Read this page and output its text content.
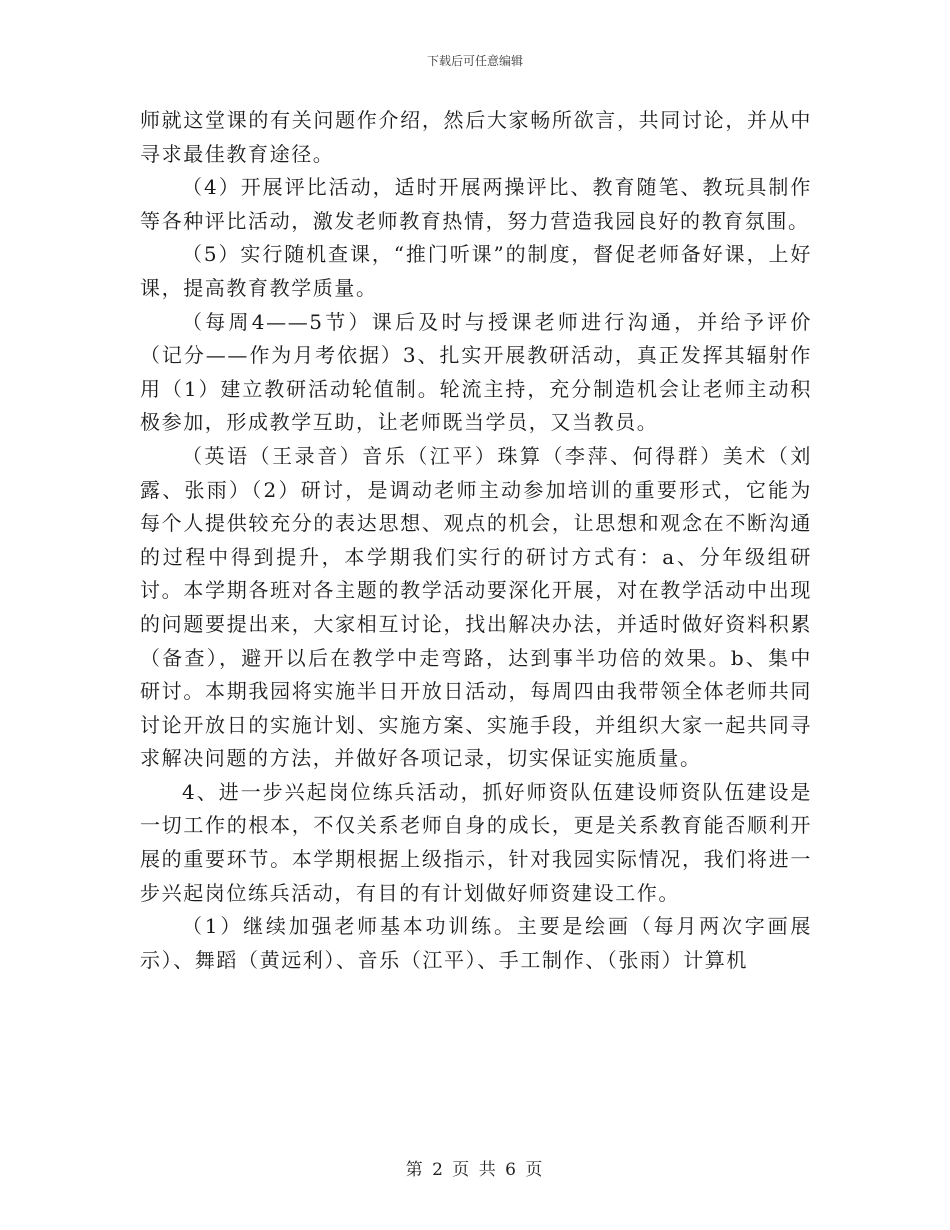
下载后可任意编辑

师就这堂课的有关问题作介绍，然后大家畅所欲言，共同讨论，并从中寻求最佳教育途径。

（4）开展评比活动，适时开展两操评比、教育随笔、教玩具制作等各种评比活动，激发老师教育热情，努力营造我园良好的教育氛围。

（5）实行随机查课，“推门听课”的制度，督促老师备好课，上好课，提高教育教学质量。

（每周4——5节）课后及时与授课老师进行沟通，并给予评价（记分——作为月考依据）3、扎实开展教研活动，真正发挥其辐射作用（1）建立教研活动轮值制。轮流主持，充分制造机会让老师主动积极参加，形成教学互助，让老师既当学员，又当教员。

（英语（王录音）音乐（江平）珠算（李萍、何得群）美术（刘露、张雨）（2）研讨，是调动老师主动参加培训的重要形式，它能为每个人提供较充分的表达思想、观点的机会，让思想和观念在不断沟通的过程中得到提升，本学期我们实行的研讨方式有：a、分年级组研讨。本学期各班对各主题的教学活动要深化开展，对在教学活动中出现的问题要提出来，大家相互讨论，找出解决办法，并适时做好资料积累（备查），避开以后在教学中走弯路，达到事半功倍的效果。b、集中研讨。本期我园将实施半日开放日活动，每周四由我带领全体老师共同讨论开放日的实施计划、实施方案、实施手段，并组织大家一起共同寻求解决问题的方法，并做好各项记录，切实保证实施质量。

4、进一步兴起岗位练兵活动，抓好师资队伍建设师资队伍建设是一切工作的根本，不仅关系老师自身的成长，更是关系教育能否顺利开展的重要环节。本学期根据上级指示，针对我园实际情况，我们将进一步兴起岗位练兵活动，有目的有计划做好师资建设工作。

（1）继续加强老师基本功训练。主要是绘画（每月两次字画展示）、舞蹈（黄远利）、音乐（江平）、手工制作、（张雨）计算机

第 2 页 共 6 页
